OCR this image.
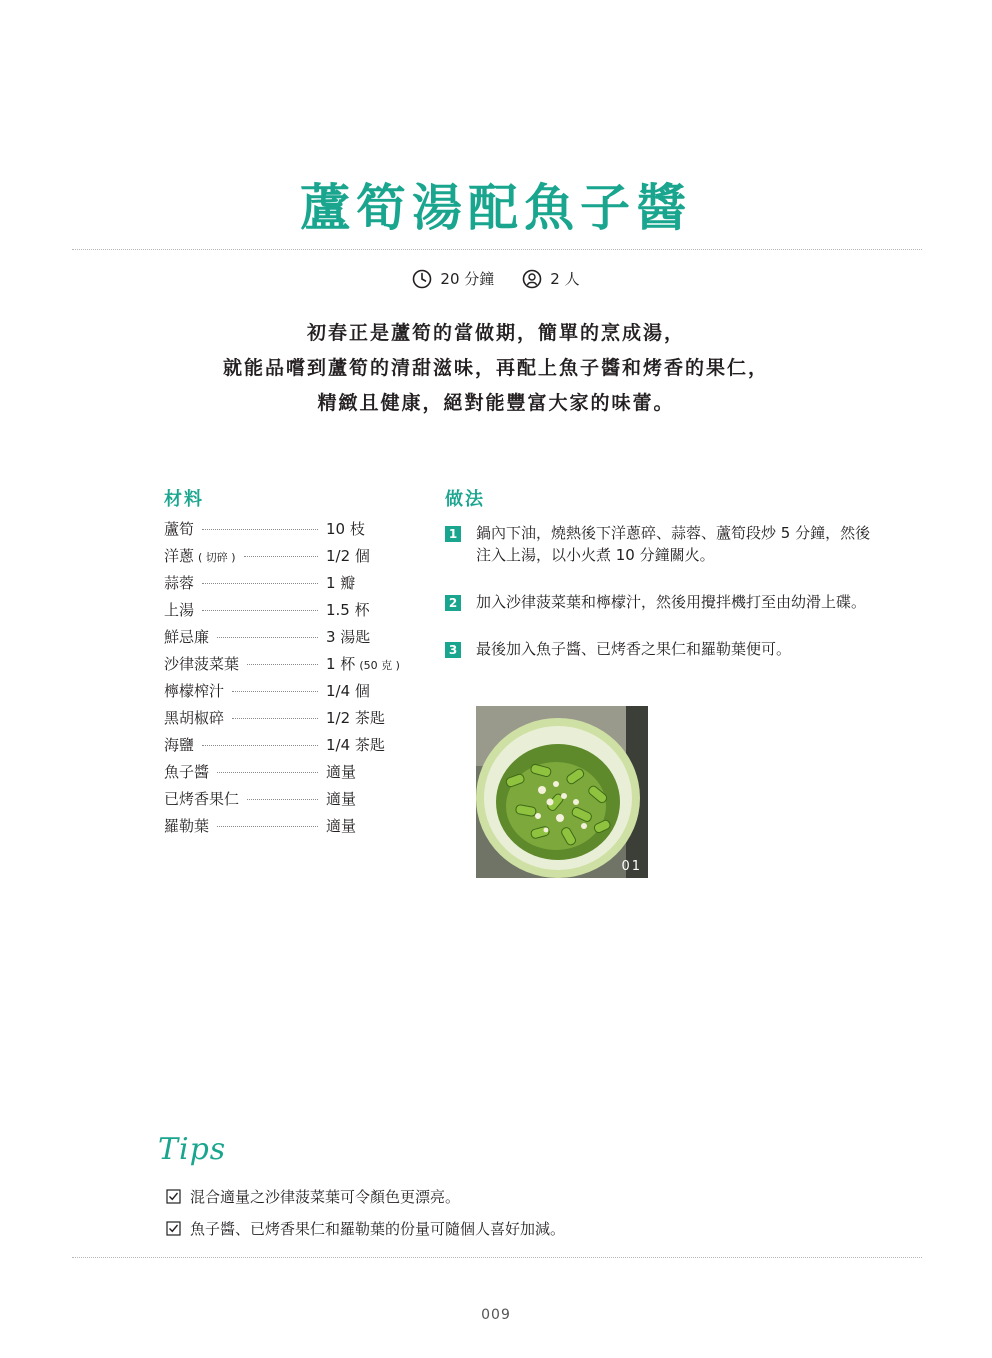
蘆筍湯配魚子醬
20 分鐘	2 人
初春正是蘆筍的當做期，簡單的烹成湯，
就能品嚐到蘆筍的清甜滋味，再配上魚子醬和烤香的果仁，
精緻且健康，絕對能豐富大家的味蕾。
材料
蘆筍	10 枝
洋蔥 ( 切碎 )	1/2 個
蒜蓉	1 瓣
上湯	1.5 杯
鮮忌廉	3 湯匙
沙律菠菜葉	1 杯 (50 克 )
檸檬榨汁	1/4 個
黑胡椒碎	1/2 茶匙
海鹽	1/4 茶匙
魚子醬	適量
已烤香果仁	適量
羅勒葉	適量
做法
1 鍋內下油，燒熱後下洋蔥碎、蒜蓉、蘆筍段炒 5 分鐘，然後注入上湯，以小火煮 10 分鐘關火。
2 加入沙律菠菜葉和檸檬汁，然後用攪拌機打至由幼滑上碟。
3 最後加入魚子醬、已烤香之果仁和羅勒葉便可。
01
Tips
混合適量之沙律菠菜葉可令顏色更漂亮。
魚子醬、已烤香果仁和羅勒葉的份量可隨個人喜好加減。
009
